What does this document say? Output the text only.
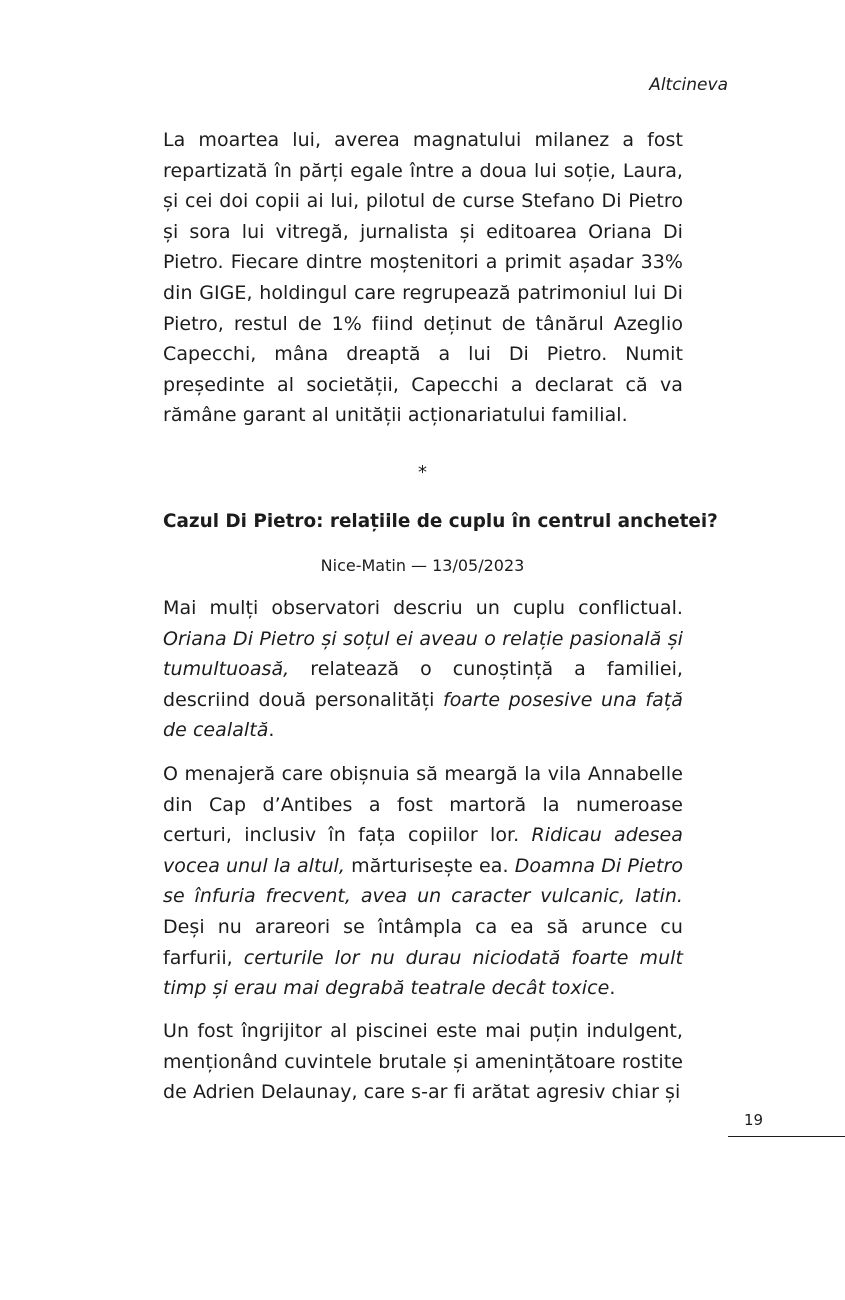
Altcineva

La moartea lui, averea magnatului milanez a fost repartizată în părți egale între a doua lui soție, Laura, și cei doi copii ai lui, pilotul de curse Stefano Di Pietro și sora lui vitregă, jurnalista și editoarea Oriana Di Pietro. Fiecare dintre moștenitori a primit așadar 33% din GIGE, holdingul care regrupează patrimoniul lui Di Pietro, restul de 1% fiind deținut de tânărul Azeglio Capecchi, mâna dreaptă a lui Di Pietro. Numit președinte al societății, Capecchi a declarat că va rămâne garant al unității acționariatului familial.

*

Cazul Di Pietro: relațiile de cuplu în centrul anchetei?

Nice-Matin — 13/05/2023

Mai mulți observatori descriu un cuplu conflictual. Oriana Di Pietro și soțul ei aveau o relație pasională și tumultuoasă, relatează o cunoștință a familiei, descriind două personalități foarte posesive una față de cealaltă.

O menajeră care obișnuia să meargă la vila Annabelle din Cap d’Antibes a fost martoră la numeroase certuri, inclusiv în fața copiilor lor. Ridicau adesea vocea unul la altul, mărturisește ea. Doamna Di Pietro se înfuria frecvent, avea un caracter vulcanic, latin. Deși nu arareori se întâmpla ca ea să arunce cu farfurii, certurile lor nu durau niciodată foarte mult timp și erau mai degrabă teatrale decât toxice.

Un fost îngrijitor al piscinei este mai puțin indulgent, menționând cuvintele brutale și amenințătoare rostite de Adrien Delaunay, care s-ar fi arătat agresiv chiar și

19
